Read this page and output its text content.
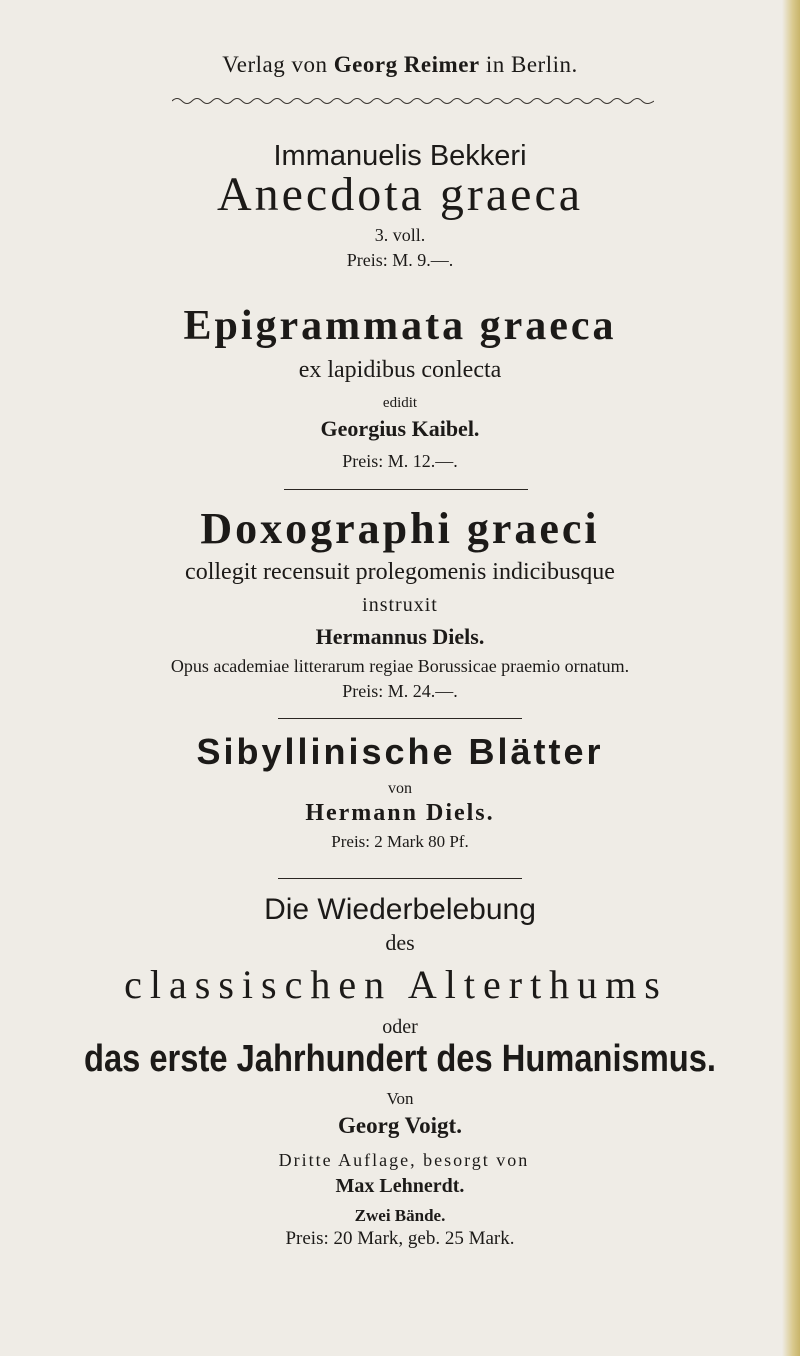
Verlag von Georg Reimer in Berlin.
Immanuelis Bekkeri
Anecdota graeca
3. voll.
Preis: M. 9.—.
Epigrammata graeca
ex lapidibus conlecta
edidit
Georgius Kaibel.
Preis: M. 12.—.
Doxographi graeci
collegit recensuit prolegomenis indicibusque
instruxit
Hermannus Diels.
Opus academiae litterarum regiae Borussicae praemio ornatum.
Preis: M. 24.—.
Sibyllinische Blätter
von
Hermann Diels.
Preis: 2 Mark 80 Pf.
Die Wiederbelebung
des
classischen Alterthums
oder
das erste Jahrhundert des Humanismus.
Von
Georg Voigt.
Dritte Auflage, besorgt von
Max Lehnerdt.
Zwei Bände.
Preis: 20 Mark, geb. 25 Mark.
